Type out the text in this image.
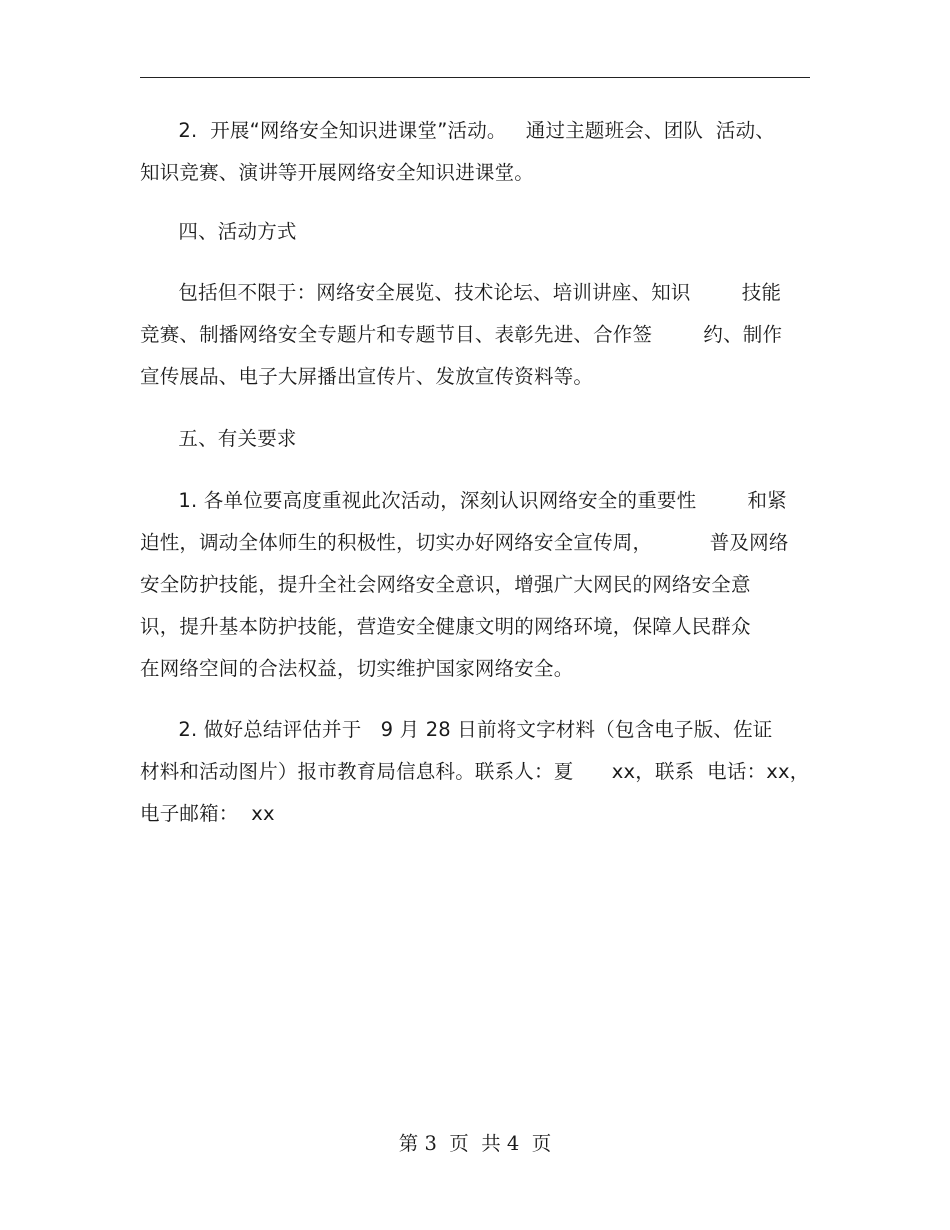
2.  开展“网络安全知识进课堂”活动。   通过主题班会、团队  活动、
知识竞赛、演讲等开展网络安全知识进课堂。
四、活动方式
包括但不限于：网络安全展览、技术论坛、培训讲座、知识        技能
竞赛、制播网络安全专题片和专题节目、表彰先进、合作签        约、制作
宣传展品、电子大屏播出宣传片、发放宣传资料等。
五、有关要求
1. 各单位要高度重视此次活动，深刻认识网络安全的重要性        和紧
迫性，调动全体师生的积极性，切实办好网络安全宣传周，         普及网络
安全防护技能，提升全社会网络安全意识，增强广大网民的网络安全意
识，提升基本防护技能，营造安全健康文明的网络环境，保障人民群众
在网络空间的合法权益，切实维护国家网络安全。
2. 做好总结评估并于   9 月 28 日前将文字材料（包含电子版、佐证
材料和活动图片）报市教育局信息科。联系人：夏      xx，联系  电话：xx，
电子邮箱：  xx
第 3  页  共 4  页
